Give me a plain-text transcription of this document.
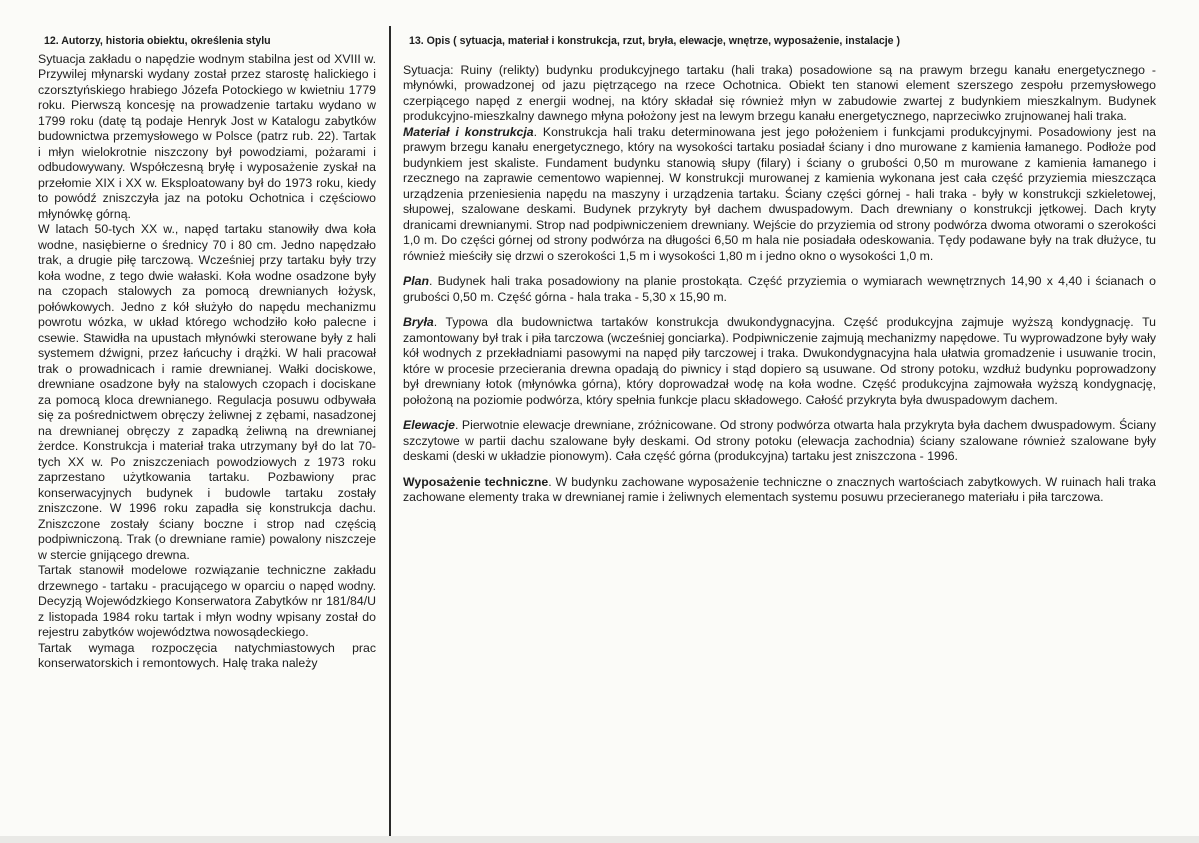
12. Autorzy, historia obiektu, określenia stylu

Sytuacja zakładu o napędzie wodnym stabilna jest od XVIII w. Przywilej młynarski wydany został przez starostę halickiego i czorsztyńskiego hrabiego Józefa Potockiego w kwietniu 1779 roku. Pierwszą koncesję na prowadzenie tartaku wydano w 1799 roku (datę tą podaje Henryk Jost w Katalogu zabytków budownictwa przemysłowego w Polsce (patrz rub. 22). Tartak i młyn wielokrotnie niszczony był powodziami, pożarami i odbudowywany. Współczesną bryłę i wyposażenie zyskał na przełomie XIX i XX w. Eksploatowany był do 1973 roku, kiedy to powódź zniszczyła jaz na potoku Ochotnica i częściowo młynówkę górną.

W latach 50-tych XX w., napęd tartaku stanowiły dwa koła wodne, nasiębierne o średnicy 70 i 80 cm. Jedno napędzało trak, a drugie piłę tarczową. Wcześniej przy tartaku były trzy koła wodne, z tego dwie wałaski. Koła wodne osadzone były na czopach stalowych za pomocą drewnianych łożysk, połówkowych. Jedno z kół służyło do napędu mechanizmu powrotu wózka, w układ którego wchodziło koło palecne i csewie. Stawidła na upustach młynówki sterowane były z hali systemem dźwigni, przez łańcuchy i drążki. W hali pracował trak o prowadnicach i ramie drewnianej. Wałki dociskowe, drewniane osadzone były na stalowych czopach i dociskane za pomocą kloca drewnianego. Regulacja posuwu odbywała się za pośrednictwem obręczy żeliwnej z zębami, nasadzonej na drewnianej obręczy z zapadką żeliwną na drewnianej żerdce. Konstrukcja i materiał traka utrzymany był do lat 70-tych XX w. Po zniszczeniach powodziowych z 1973 roku zaprzestano użytkowania tartaku. Pozbawiony prac konserwacyjnych budynek i budowle tartaku zostały zniszczone. W 1996 roku zapadła się konstrukcja dachu. Zniszczone zostały ściany boczne i strop nad częścią podpiwniczoną. Trak (o drewniane ramie) powalony niszczeje w stercie gnijącego drewna.

Tartak stanowił modelowe rozwiązanie techniczne zakładu drzewnego - tartaku - pracującego w oparciu o napęd wodny. Decyzją Wojewódzkiego Konserwatora Zabytków nr 181/84/U z listopada 1984 roku tartak i młyn wodny wpisany został do rejestru zabytków województwa nowosądeckiego.

Tartak wymaga rozpoczęcia natychmiastowych prac konserwatorskich i remontowych. Halę traka należy

13. Opis ( sytuacja, materiał i konstrukcja, rzut, bryła, elewacje, wnętrze, wyposażenie, instalacje )

Sytuacja: Ruiny (relikty) budynku produkcyjnego tartaku (hali traka) posadowione są na prawym brzegu kanału energetycznego - młynówki, prowadzonej od jazu piętrzącego na rzece Ochotnica. Obiekt ten stanowi element szerszego zespołu przemysłowego czerpiącego napęd z energii wodnej, na który składał się również młyn w zabudowie zwartej z budynkiem mieszkalnym. Budynek produkcyjno-mieszkalny dawnego młyna położony jest na lewym brzegu kanału energetycznego, naprzeciwko zrujnowanej hali traka.

Materiał i konstrukcja. Konstrukcja hali traku determinowana jest jego położeniem i funkcjami produkcyjnymi. Posadowiony jest na prawym brzegu kanału energetycznego, który na wysokości tartaku posiadał ściany i dno murowane z kamienia łamanego. Podłoże pod budynkiem jest skaliste. Fundament budynku stanowią słupy (filary) i ściany o grubości 0,50 m murowane z kamienia łamanego i rzecznego na zaprawie cementowo wapiennej. W konstrukcji murowanej z kamienia wykonana jest cała część przyziemia mieszcząca urządzenia przeniesienia napędu na maszyny i urządzenia tartaku. Ściany części górnej - hali traka - były w konstrukcji szkieletowej, słupowej, szalowane deskami. Budynek przykryty był dachem dwuspadowym. Dach drewniany o konstrukcji jętkowej. Dach kryty dranicami drewnianymi. Strop nad podpiwniczeniem drewniany. Wejście do przyziemia od strony podwórza dwoma otworami o szerokości 1,0 m. Do części górnej od strony podwórza na długości 6,50 m hala nie posiadała odeskowania. Tędy podawane były na trak dłużyce, tu również mieściły się drzwi o szerokości 1,5 m i wysokości 1,80 m i jedno okno o wysokości 1,0 m.

Plan. Budynek hali traka posadowiony na planie prostokąta. Część przyziemia o wymiarach wewnętrznych 14,90 x 4,40 i ścianach o grubości 0,50 m. Część górna - hala traka - 5,30 x 15,90 m.

Bryła. Typowa dla budownictwa tartaków konstrukcja dwukondygnacyjna. Część produkcyjna zajmuje wyższą kondygnację. Tu zamontowany był trak i piła tarczowa (wcześniej gonciarka). Podpiwniczenie zajmują mechanizmy napędowe. Tu wyprowadzone były wały kół wodnych z przekładniami pasowymi na napęd piły tarczowej i traka. Dwukondygnacyjna hala ułatwia gromadzenie i usuwanie trocin, które w procesie przecierania drewna opadają do piwnicy i stąd dopiero są usuwane. Od strony potoku, wzdłuż budynku poprowadzony był drewniany łotok (młynówka górna), który doprowadzał wodę na koła wodne. Część produkcyjna zajmowała wyższą kondygnację, położoną na poziomie podwórza, który spełnia funkcje placu składowego. Całość przykryta była dwuspadowym dachem.

Elewacje. Pierwotnie elewacje drewniane, zróżnicowane. Od strony podwórza otwarta hala przykryta była dachem dwuspadowym. Ściany szczytowe w partii dachu szalowane były deskami. Od strony potoku (elewacja zachodnia) ściany szalowane również szalowane były deskami (deski w układzie pionowym). Cała część górna (produkcyjna) tartaku jest zniszczona - 1996.

Wyposażenie techniczne. W budynku zachowane wyposażenie techniczne o znacznych wartościach zabytkowych. W ruinach hali traka zachowane elementy traka w drewnianej ramie i żeliwnych elementach systemu posuwu przecieranego materiału i piła tarczowa.
